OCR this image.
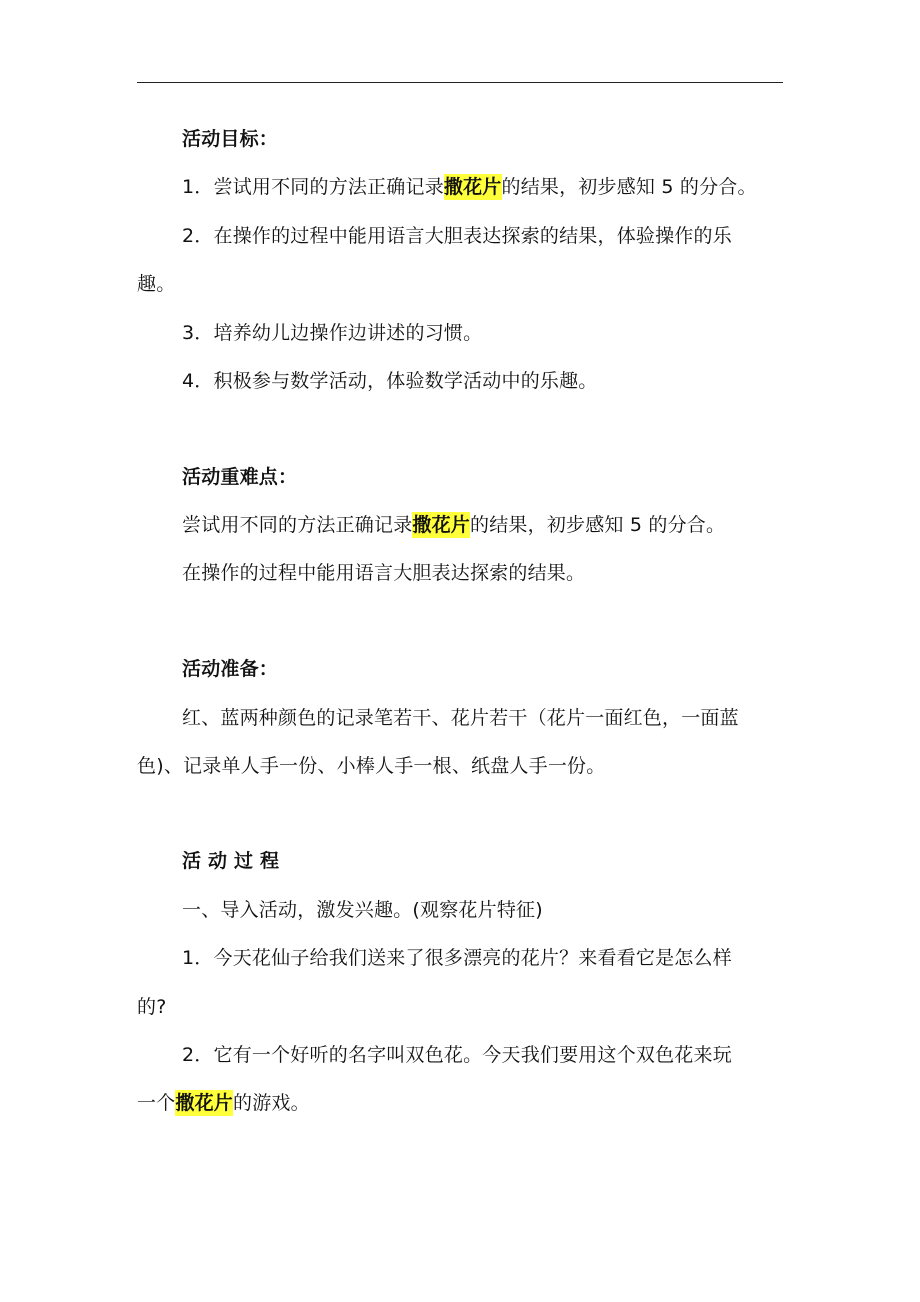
活动目标：
1．尝试用不同的方法正确记录撒花片的结果，初步感知 5 的分合。
2．在操作的过程中能用语言大胆表达探索的结果，体验操作的乐
趣。
3．培养幼儿边操作边讲述的习惯。
4．积极参与数学活动，体验数学活动中的乐趣。
活动重难点：
尝试用不同的方法正确记录撒花片的结果，初步感知 5 的分合。
在操作的过程中能用语言大胆表达探索的结果。
活动准备：
红、蓝两种颜色的记录笔若干、花片若干（花片一面红色，一面蓝
色)、记录单人手一份、小棒人手一根、纸盘人手一份。
活动过程
一、导入活动，激发兴趣。(观察花片特征)
1．今天花仙子给我们送来了很多漂亮的花片？来看看它是怎么样
的?
2．它有一个好听的名字叫双色花。今天我们要用这个双色花来玩
一个撒花片的游戏。
